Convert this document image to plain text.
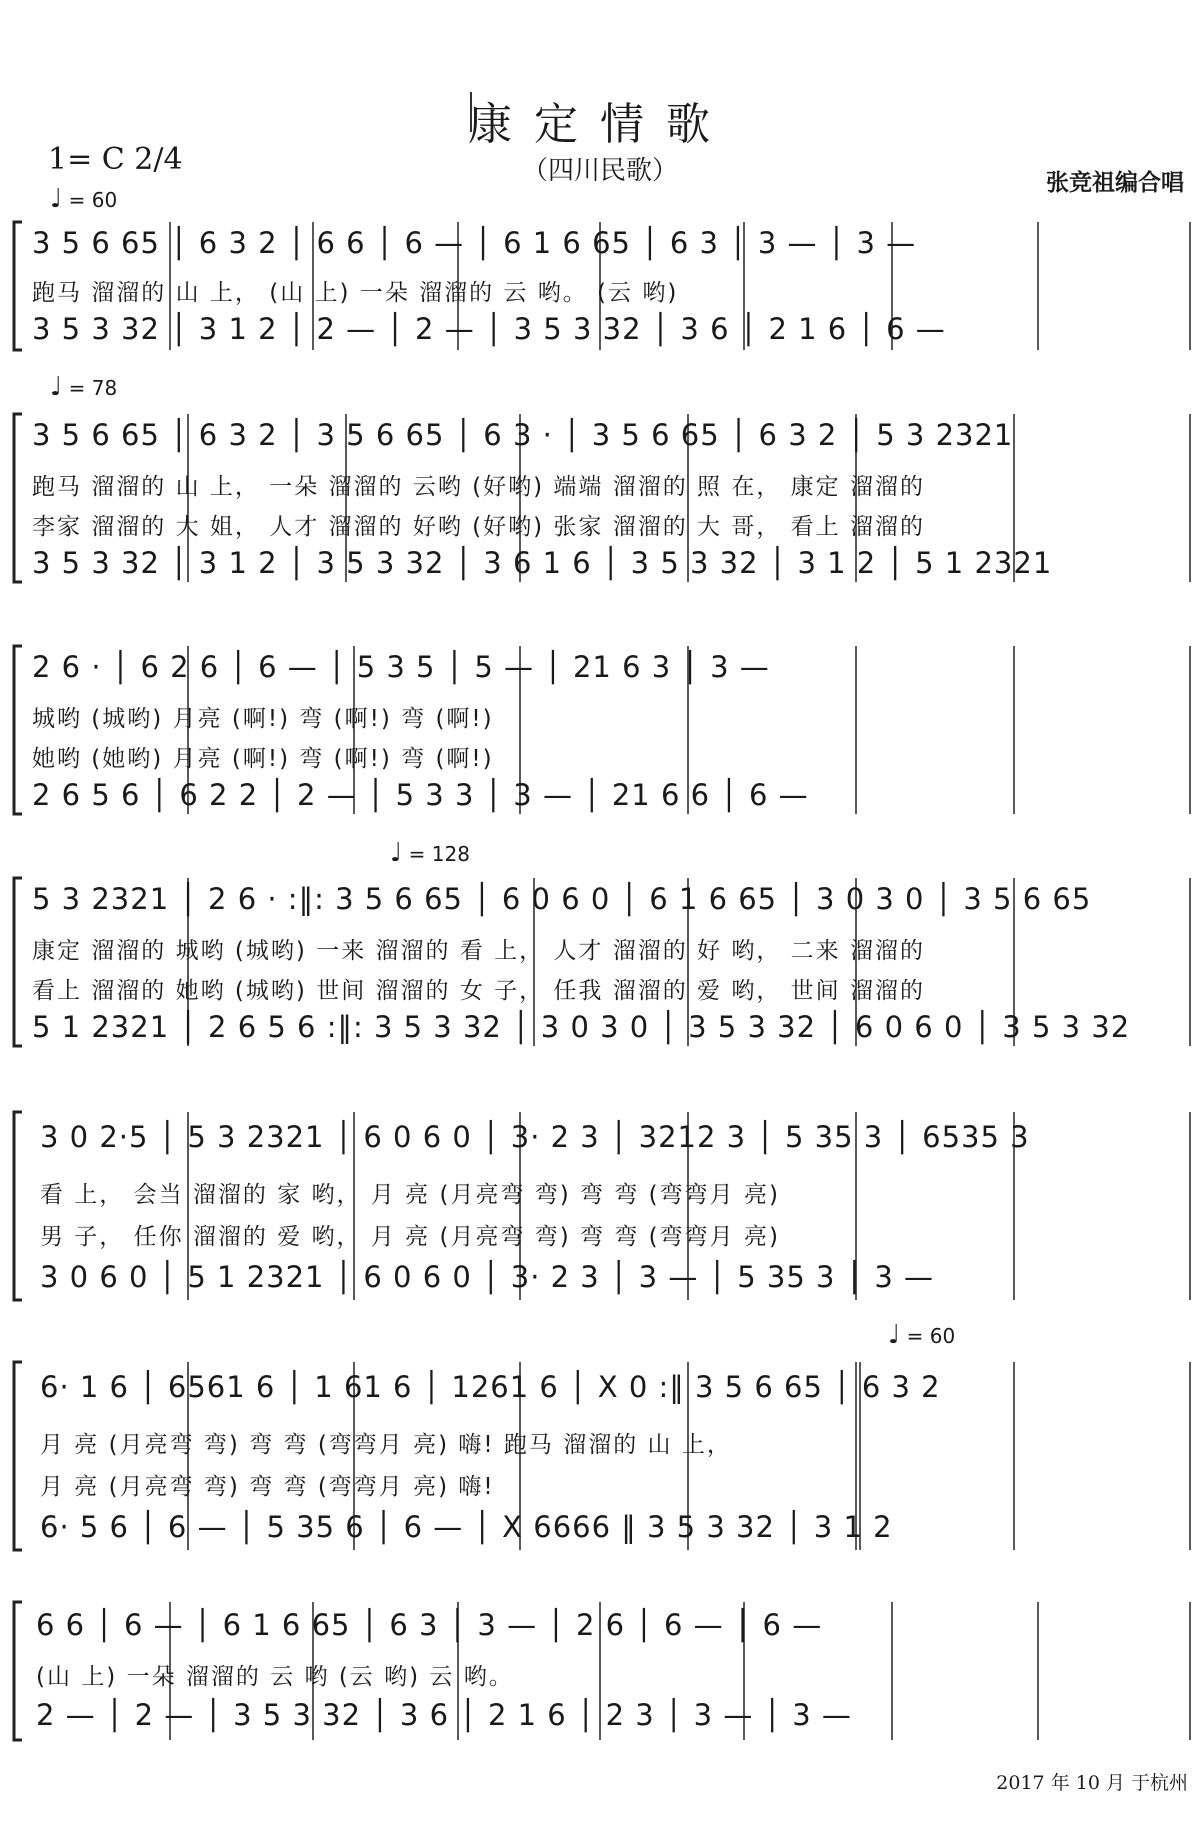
康定情歌
（四川民歌）
1= C 2/4
张竞祖编合唱
♩ = 60
♩ = 78
♩ = 128
♩ = 60
3 5 6 65 │ 6 3 2 │ 6 6 │ 6 — │ 6 1 6 65 │ 6 3 │ 3 — │ 3 —
跑马 溜溜的 山 上， (山 上) 一朵 溜溜的 云 哟。 (云 哟)
3 5 3 32 │ 3 1 2 │ 2 — │ 2 — │ 3 5 3 32 │ 3 6 │ 2 1 6 │ 6 —
3 5 6 65 │ 6 3 2 │ 3 5 6 65 │ 6 3 · │ 3 5 6 65 │ 6 3 2 │ 5 3 2321
跑马 溜溜的 山 上， 一朵 溜溜的 云哟 (好哟) 端端 溜溜的 照 在， 康定 溜溜的
李家 溜溜的 大 姐， 人才 溜溜的 好哟 (好哟) 张家 溜溜的 大 哥， 看上 溜溜的
3 5 3 32 │ 3 1 2 │ 3 5 3 32 │ 3 6 1 6 │ 3 5 3 32 │ 3 1 2 │ 5 1 2321
2 6 · │ 6 2 6 │ 6 — │ 5 3 5 │ 5 — │ 21 6 3 │ 3 —
城哟 (城哟) 月亮 (啊!) 弯 (啊!) 弯 (啊!)
她哟 (她哟) 月亮 (啊!) 弯 (啊!) 弯 (啊!)
2 6 5 6 │ 6 2 2 │ 2 — │ 5 3 3 │ 3 — │ 21 6 6 │ 6 —
5 3 2321 │ 2 6 · :‖: 3 5 6 65 │ 6 0 6 0 │ 6 1 6 65 │ 3 0 3 0 │ 3 5 6 65
康定 溜溜的 城哟 (城哟) 一来 溜溜的 看 上， 人才 溜溜的 好 哟， 二来 溜溜的
看上 溜溜的 她哟 (城哟) 世间 溜溜的 女 子， 任我 溜溜的 爱 哟， 世间 溜溜的
5 1 2321 │ 2 6 5 6 :‖: 3 5 3 32 │ 3 0 3 0 │ 3 5 3 32 │ 6 0 6 0 │ 3 5 3 32
3 0 2·5 │ 5 3 2321 │ 6 0 6 0 │ 3· 2 3 │ 3212 3 │ 5 35 3 │ 6535 3
看 上， 会当 溜溜的 家 哟， 月 亮 (月亮弯 弯) 弯 弯 (弯弯月 亮)
男 子， 任你 溜溜的 爱 哟， 月 亮 (月亮弯 弯) 弯 弯 (弯弯月 亮)
3 0 6 0 │ 5 1 2321 │ 6 0 6 0 │ 3· 2 3 │ 3 — │ 5 35 3 │ 3 —
6· 1 6 │ 6561 6 │ 1 61 6 │ 1261 6 │ X 0 :‖ 3 5 6 65 │ 6 3 2
月 亮 (月亮弯 弯) 弯 弯 (弯弯月 亮) 嗨! 跑马 溜溜的 山 上，
月 亮 (月亮弯 弯) 弯 弯 (弯弯月 亮) 嗨!
6· 5 6 │ 6 — │ 5 35 6 │ 6 — │ X 6666 ‖ 3 5 3 32 │ 3 1 2
6 6 │ 6 — │ 6 1 6 65 │ 6 3 │ 3 — │ 2 6 │ 6 — │ 6 —
(山 上) 一朵 溜溜的 云 哟 (云 哟) 云 哟。
2 — │ 2 — │ 3 5 3 32 │ 3 6 │ 2 1 6 │ 2 3 │ 3 — │ 3 —
2017 年 10 月 于杭州
